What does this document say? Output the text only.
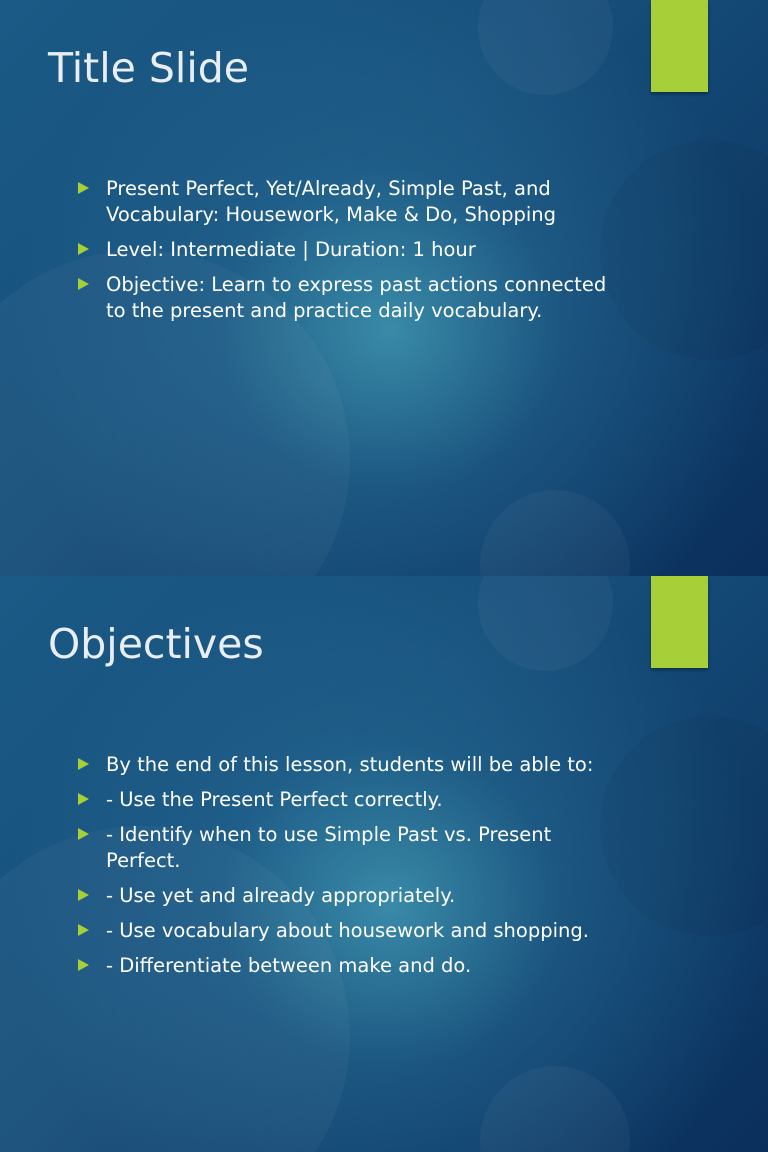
Title Slide
Present Perfect, Yet/Already, Simple Past, and Vocabulary: Housework, Make & Do, Shopping
Level: Intermediate | Duration: 1 hour
Objective: Learn to express past actions connected to the present and practice daily vocabulary.
Objectives
By the end of this lesson, students will be able to:
- Use the Present Perfect correctly.
- Identify when to use Simple Past vs. Present Perfect.
- Use yet and already appropriately.
- Use vocabulary about housework and shopping.
- Differentiate between make and do.
